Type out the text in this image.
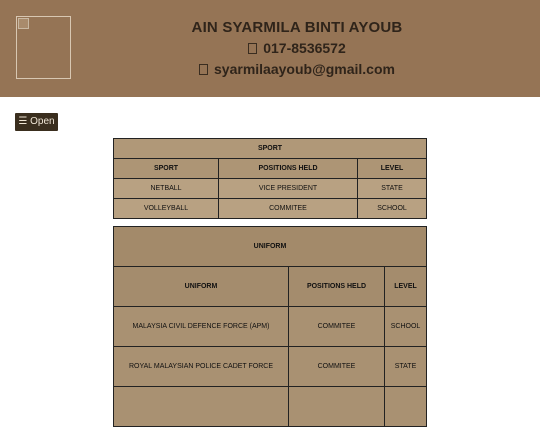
AIN SYARMILA BINTI AYOUB
017-8536572
syarmilaayoub@gmail.com
☰ Open
SPORT		
SPORT	POSITIONS HELD	LEVEL
NETBALL	VICE PRESIDENT	STATE
VOLLEYBALL	COMMITEE	SCHOOL
UNIFORM		
UNIFORM	POSITIONS HELD	LEVEL
MALAYSIA CIVIL DEFENCE FORCE (APM)	COMMITEE	SCHOOL
ROYAL MALAYSIAN POLICE CADET FORCE	COMMITEE	STATE
